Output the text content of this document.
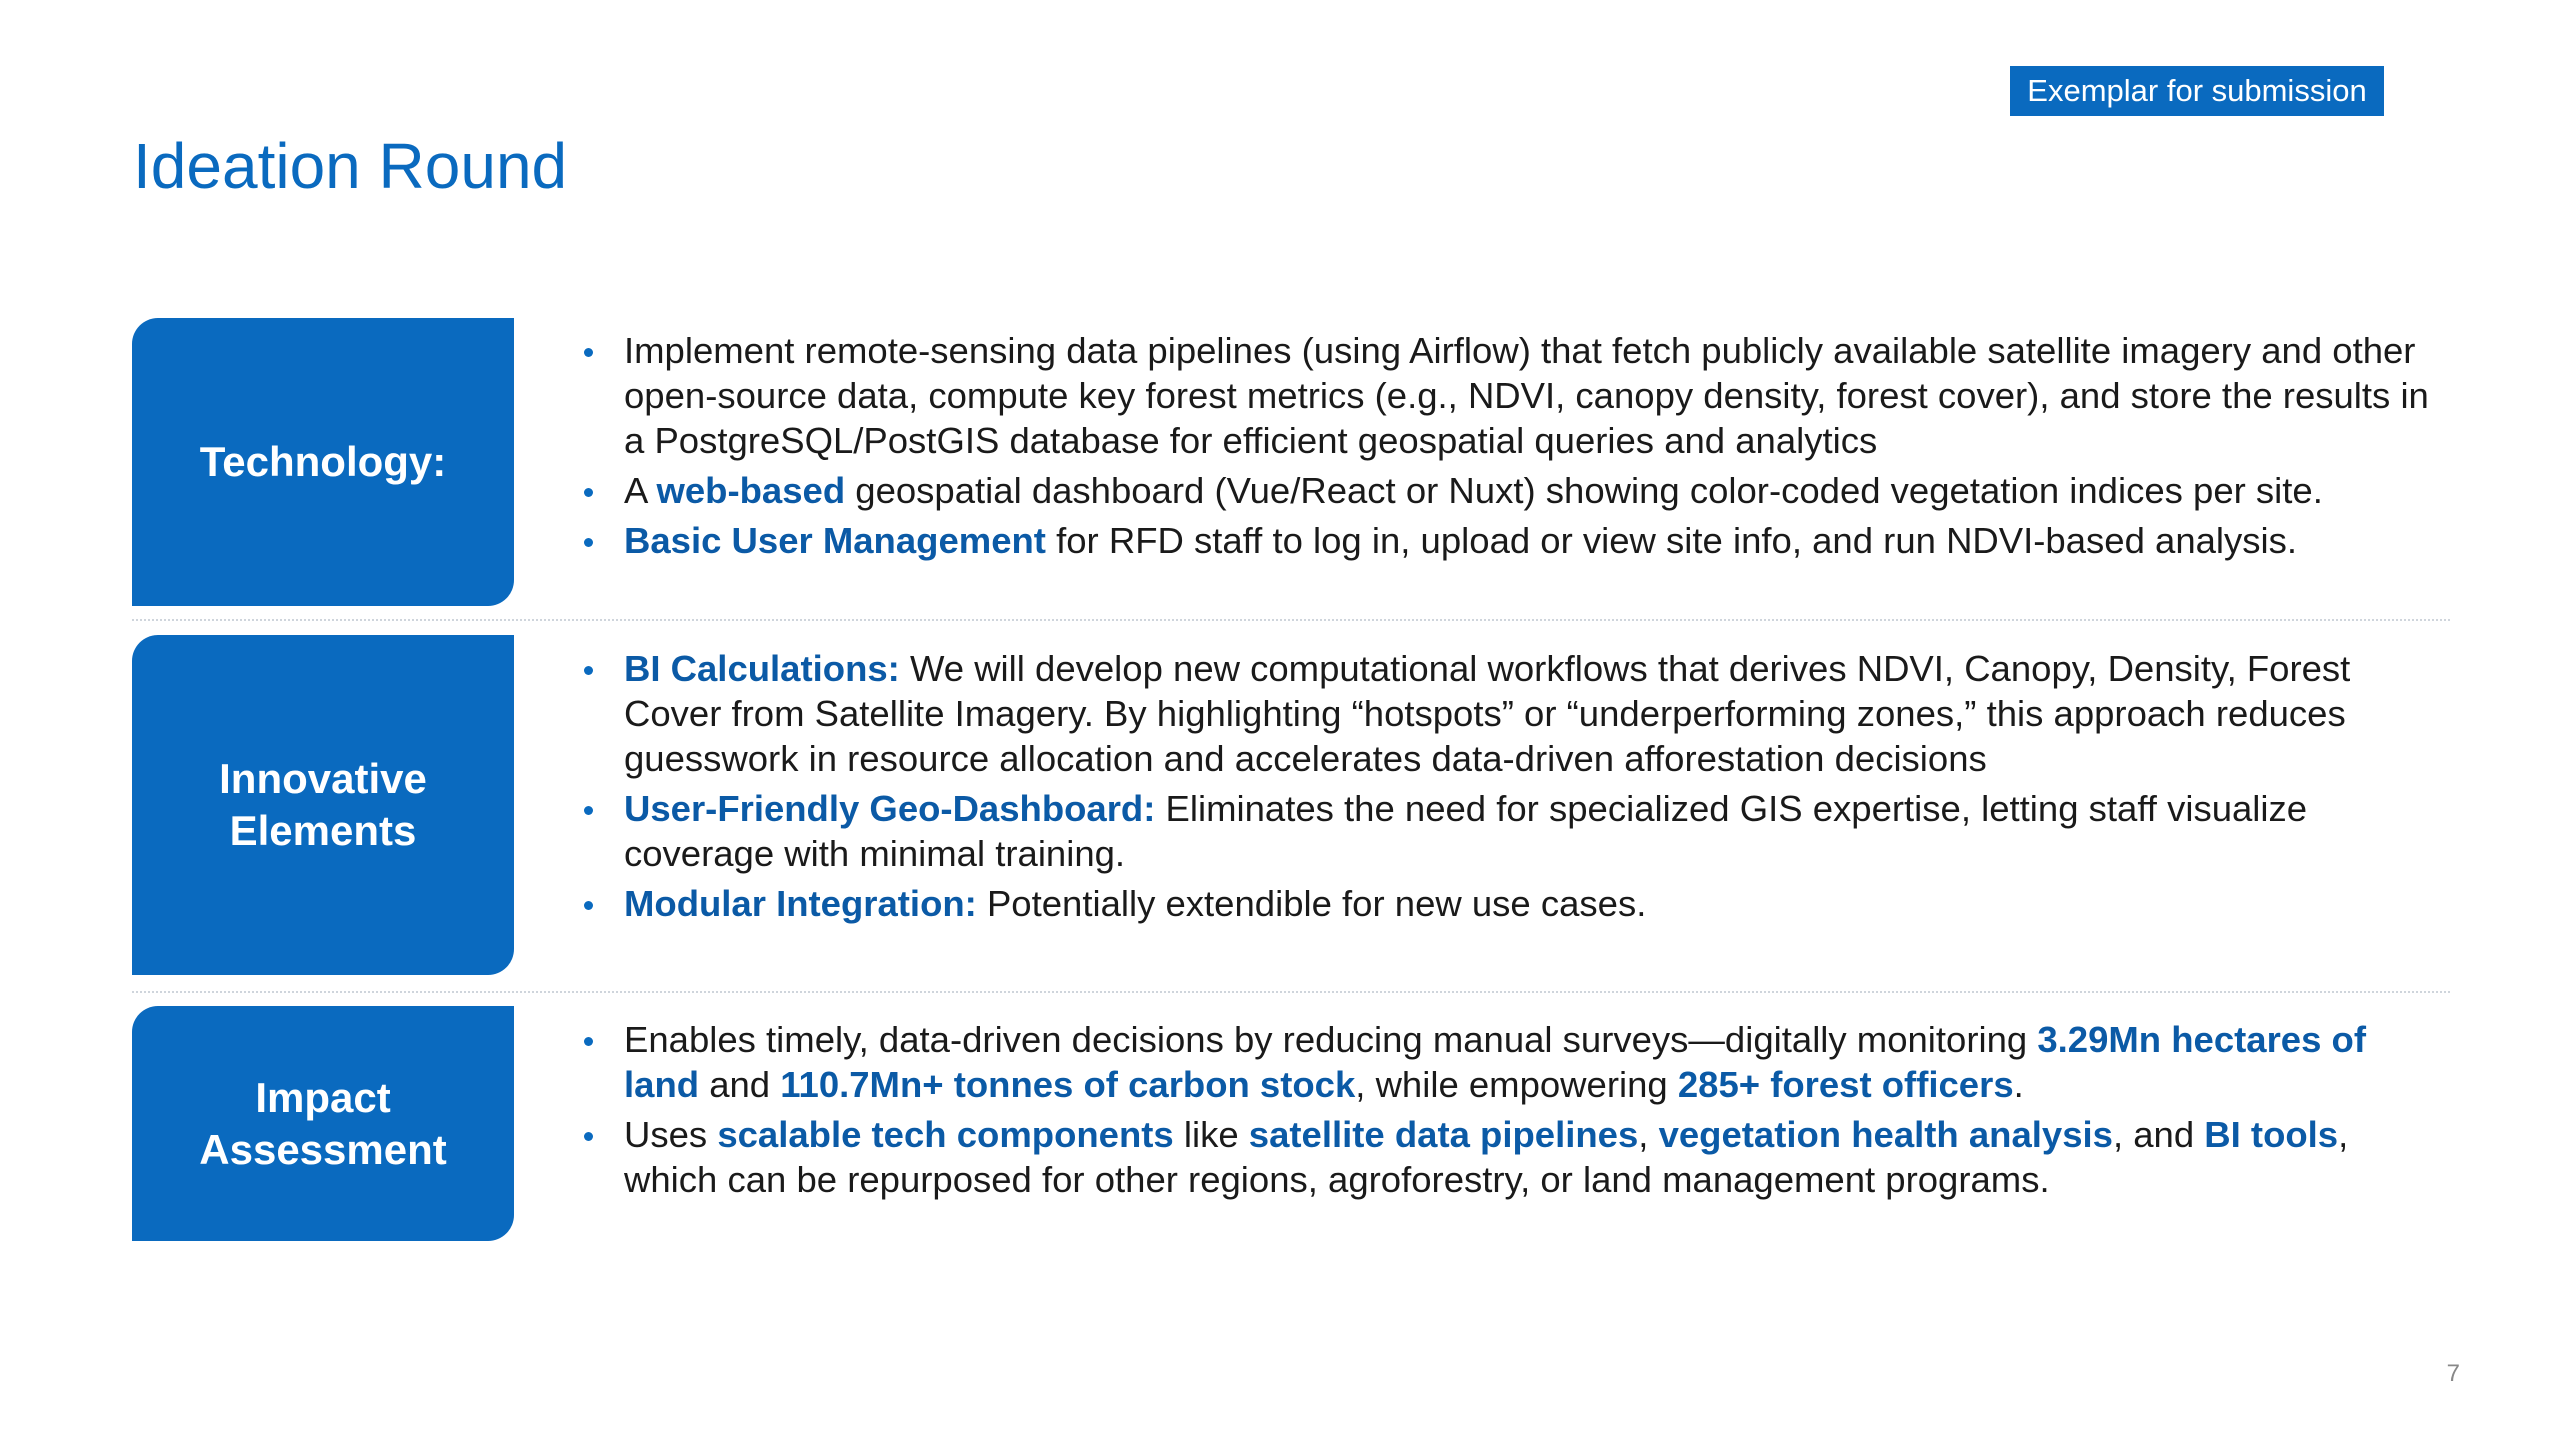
Exemplar for submission
Ideation Round
Technology:
Implement remote-sensing data pipelines (using Airflow) that fetch publicly available satellite imagery and other open-source data, compute key forest metrics (e.g., NDVI, canopy density, forest cover), and store the results in a PostgreSQL/PostGIS database for efficient geospatial queries and analytics
A web-based geospatial dashboard (Vue/React or Nuxt) showing color-coded vegetation indices per site.
Basic User Management for RFD staff to log in, upload or view site info, and run NDVI-based analysis.
Innovative
Elements
BI Calculations: We will develop new computational workflows that derives NDVI, Canopy, Density, Forest Cover from Satellite Imagery. By highlighting “hotspots” or “underperforming zones,” this approach reduces guesswork in resource allocation and accelerates data-driven afforestation decisions
User-Friendly Geo-Dashboard: Eliminates the need for specialized GIS expertise, letting staff visualize coverage with minimal training.
Modular Integration: Potentially extendible for new use cases.
Impact
Assessment
Enables timely, data-driven decisions by reducing manual surveys—digitally monitoring 3.29Mn hectares of land and 110.7Mn+ tonnes of carbon stock, while empowering 285+ forest officers.
Uses scalable tech components like satellite data pipelines, vegetation health analysis, and BI tools, which can be repurposed for other regions, agroforestry, or land management programs.
7
